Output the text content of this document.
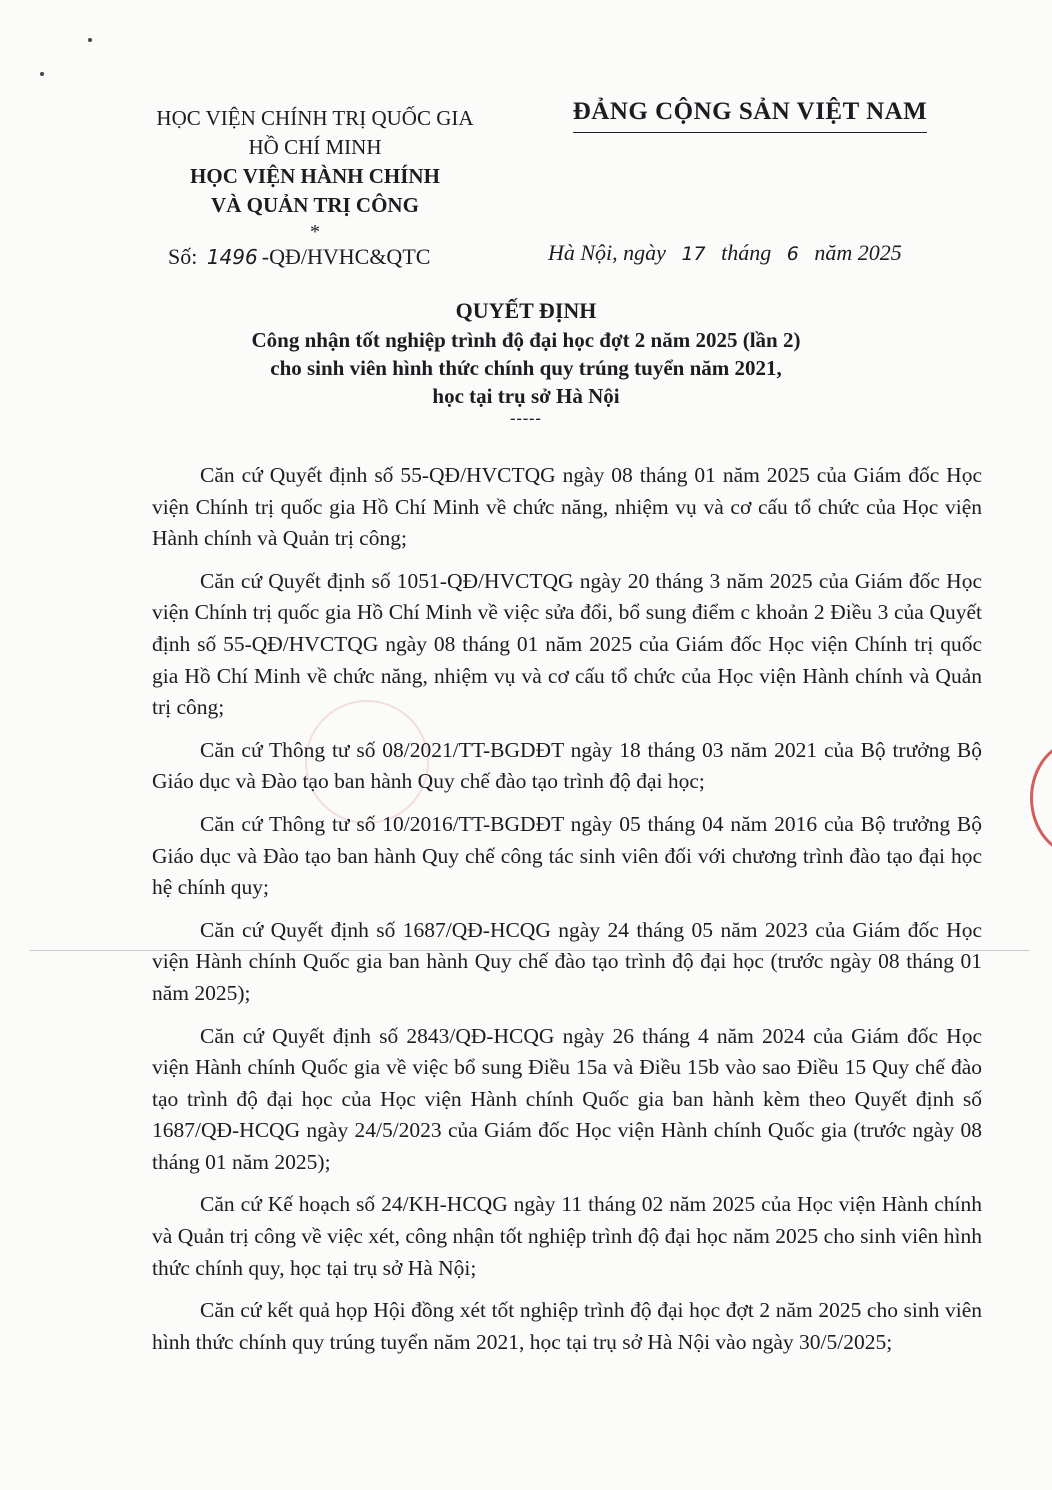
HỌC VIỆN CHÍNH TRỊ QUỐC GIA
HỒ CHÍ MINH
HỌC VIỆN HÀNH CHÍNH
VÀ QUẢN TRỊ CÔNG
*
ĐẢNG CỘNG SẢN VIỆT NAM
Số: 1496 -QĐ/HVHC&QTC	Hà Nội, ngày 17 tháng 6 năm 2025
QUYẾT ĐỊNH
Công nhận tốt nghiệp trình độ đại học đợt 2 năm 2025 (lần 2)
cho sinh viên hình thức chính quy trúng tuyển năm 2021,
học tại trụ sở Hà Nội
-----

Căn cứ Quyết định số 55-QĐ/HVCTQG ngày 08 tháng 01 năm 2025 của Giám đốc Học viện Chính trị quốc gia Hồ Chí Minh về chức năng, nhiệm vụ và cơ cấu tổ chức của Học viện Hành chính và Quản trị công;

Căn cứ Quyết định số 1051-QĐ/HVCTQG ngày 20 tháng 3 năm 2025 của Giám đốc Học viện Chính trị quốc gia Hồ Chí Minh về việc sửa đổi, bổ sung điểm c khoản 2 Điều 3 của Quyết định số 55-QĐ/HVCTQG ngày 08 tháng 01 năm 2025 của Giám đốc Học viện Chính trị quốc gia Hồ Chí Minh về chức năng, nhiệm vụ và cơ cấu tổ chức của Học viện Hành chính và Quản trị công;

Căn cứ Thông tư số 08/2021/TT-BGDĐT ngày 18 tháng 03 năm 2021 của Bộ trưởng Bộ Giáo dục và Đào tạo ban hành Quy chế đào tạo trình độ đại học;

Căn cứ Thông tư số 10/2016/TT-BGDĐT ngày 05 tháng 04 năm 2016 của Bộ trưởng Bộ Giáo dục và Đào tạo ban hành Quy chế công tác sinh viên đối với chương trình đào tạo đại học hệ chính quy;

Căn cứ Quyết định số 1687/QĐ-HCQG ngày 24 tháng 05 năm 2023 của Giám đốc Học viện Hành chính Quốc gia ban hành Quy chế đào tạo trình độ đại học (trước ngày 08 tháng 01 năm 2025);

Căn cứ Quyết định số 2843/QĐ-HCQG ngày 26 tháng 4 năm 2024 của Giám đốc Học viện Hành chính Quốc gia về việc bổ sung Điều 15a và Điều 15b vào sao Điều 15 Quy chế đào tạo trình độ đại học của Học viện Hành chính Quốc gia ban hành kèm theo Quyết định số 1687/QĐ-HCQG ngày 24/5/2023 của Giám đốc Học viện Hành chính Quốc gia (trước ngày 08 tháng 01 năm 2025);

Căn cứ Kế hoạch số 24/KH-HCQG ngày 11 tháng 02 năm 2025 của Học viện Hành chính và Quản trị công về việc xét, công nhận tốt nghiệp trình độ đại học năm 2025 cho sinh viên hình thức chính quy, học tại trụ sở Hà Nội;

Căn cứ kết quả họp Hội đồng xét tốt nghiệp trình độ đại học đợt 2 năm 2025 cho sinh viên hình thức chính quy trúng tuyển năm 2021, học tại trụ sở Hà Nội vào ngày 30/5/2025;
